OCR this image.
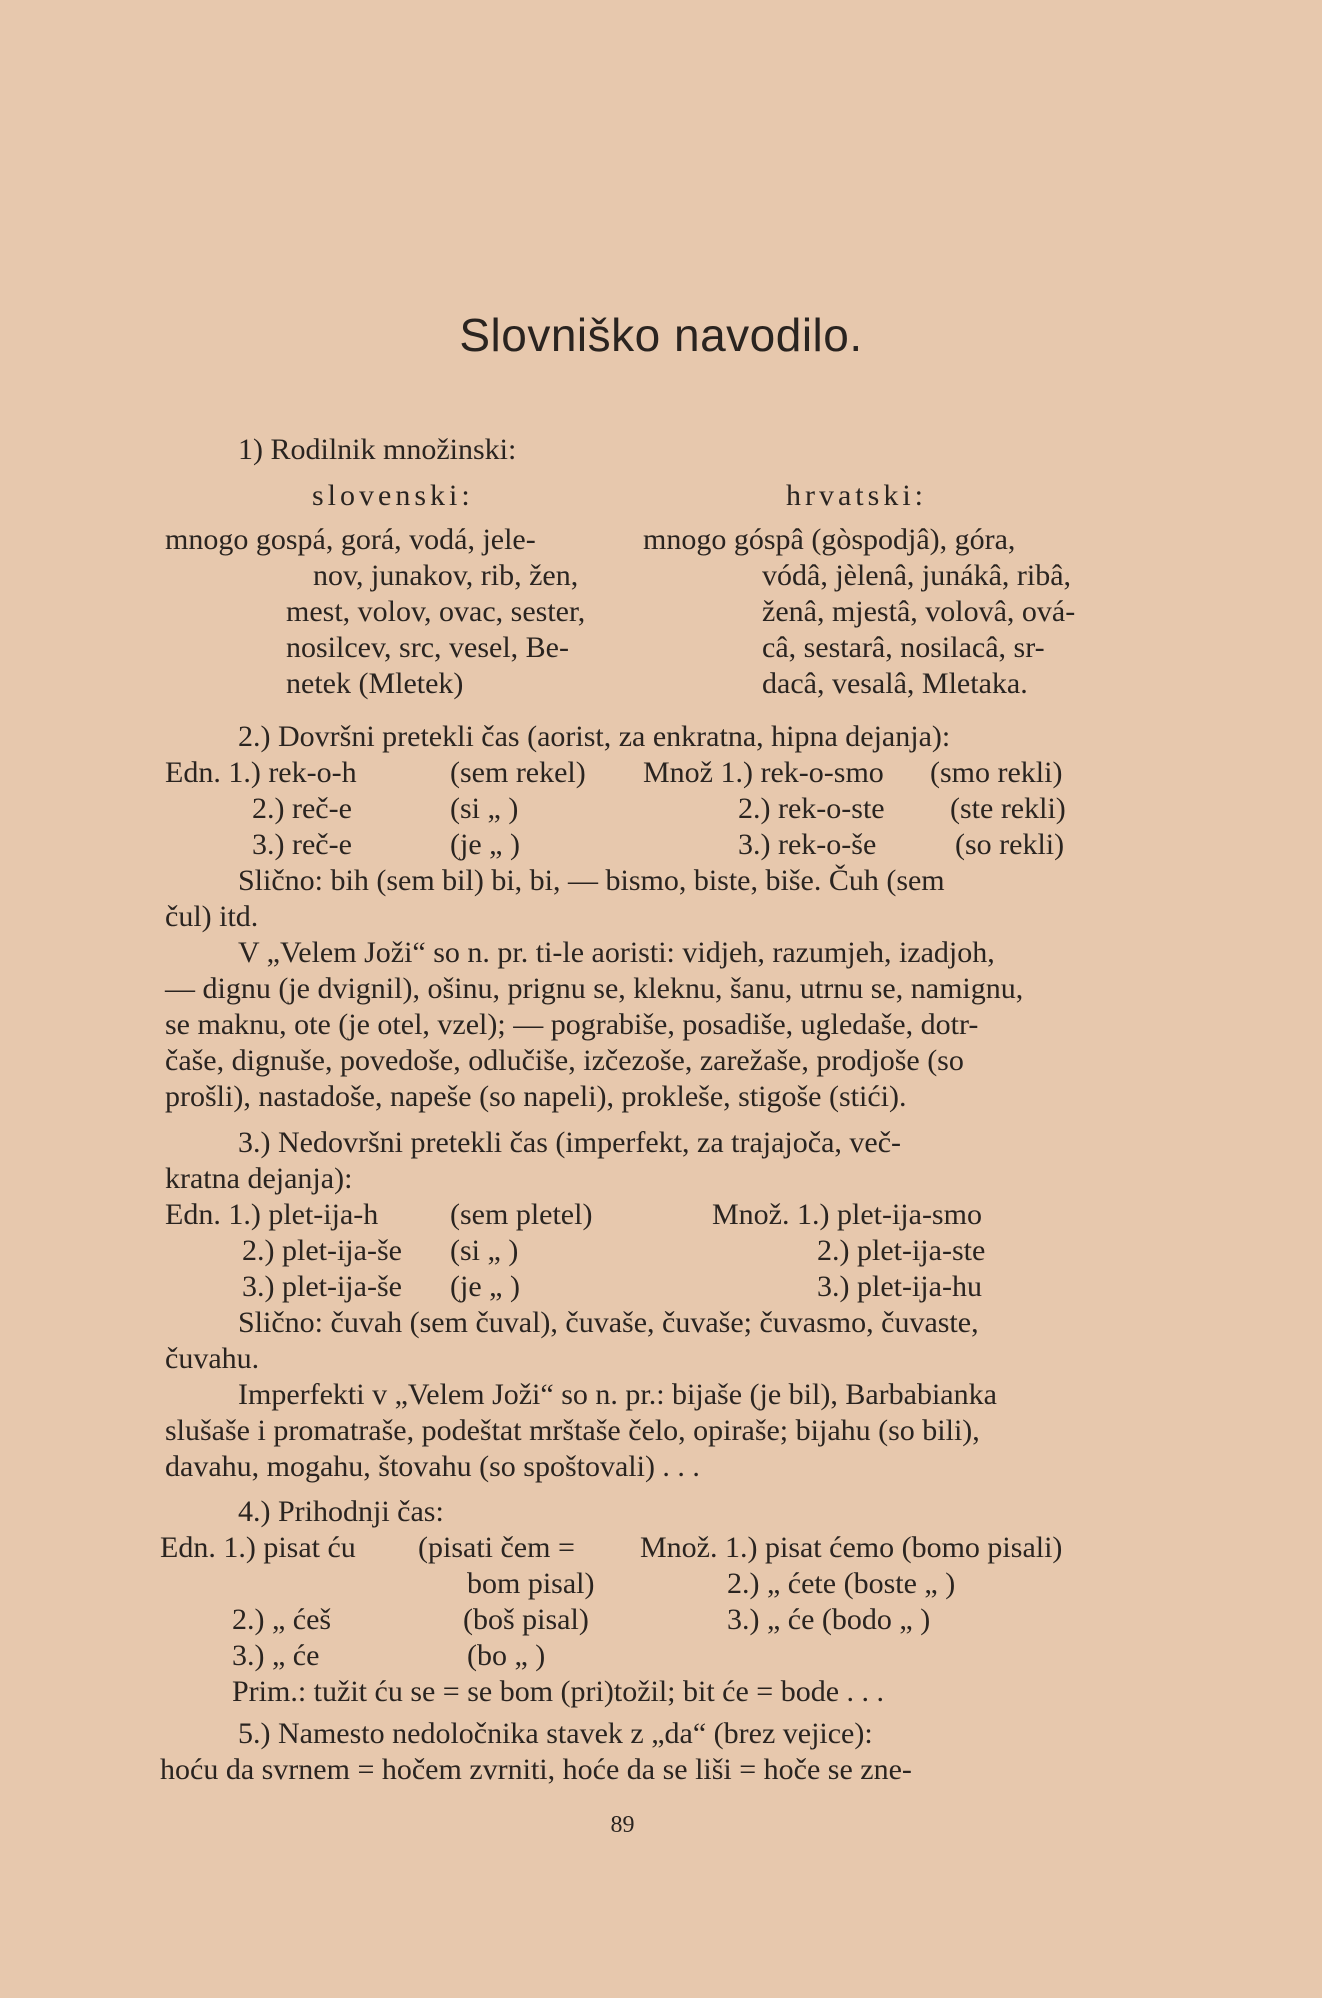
Slovniško navodilo.
1) Rodilnik množinski:
slovenski:	hrvatski:
mnogo gospá, gorá, vodá, jele-
nov, junakov, rib, žen,
mest, volov, ovac, sester,
nosilcev, src, vesel, Be-
netek (Mletek)
mnogo góspâ (gòspodjâ), góra,
vódâ, jèlenâ, junákâ, ribâ,
ženâ, mjestâ, volovâ, ová-
câ, sestarâ, nosilacâ, sr-
dacâ, vesalâ, Mletaka.
2.) Dovršni pretekli čas (aorist, za enkratna, hipna dejanja):
Edn. 1.) rek-o-h	(sem rekel) Množ 1.) rek-o-smo (smo rekli)
2.) reč-e	(si „ )	2.) rek-o-ste (ste rekli)
3.) reč-e	(je „ )	3.) rek-o-še	(so rekli)
Slično: bih (sem bil) bi, bi, — bismo, biste, biše. Čuh (sem
čul) itd.
V „Velem Joži“ so n. pr. ti-le aoristi: vidjeh, razumjeh, izadjoh,
— dignu (je dvignil), ošinu, prignu se, kleknu, šanu, utrnu se, namignu,
se maknu, ote (je otel, vzel); — pograbiše, posadiše, ugledaše, dotr-
čaše, dignuše, povedoše, odlučiše, izčezoše, zarežaše, prodjoše (so
prošli), nastadoše, napeše (so napeli), prokleše, stigoše (stići).
3.) Nedovršni pretekli čas (imperfekt, za trajajoča, več-
kratna dejanja):
Edn. 1.) plet-ija-h (sem pletel)	Množ. 1.) plet-ija-smo
2.) plet-ija-še (si „ )	2.) plet-ija-ste
3.) plet-ija-še (je „ )	3.) plet-ija-hu
Slično: čuvah (sem čuval), čuvaše, čuvaše; čuvasmo, čuvaste,
čuvahu.
Imperfekti v „Velem Joži“ so n. pr.: bijaše (je bil), Barbabianka
slušaše i promatraše, podeštat mrštaše čelo, opiraše; bijahu (so bili),
davahu, mogahu, štovahu (so spoštovali) . . .
4.) Prihodnji čas:
Edn. 1.) pisat ću (pisati čem = Množ. 1.) pisat ćemo (bomo pisali)
bom pisal)	2.) „ ćete (boste „ )
2.) „ ćeš	(boš pisal)	3.) „ će (bodo „ )
3.) „ će	(bo „ )
Prim.: tužit ću se = se bom (pri)tožil; bit će = bode . . .
5.) Namesto nedoločnika stavek z „da“ (brez vejice):
hoću da svrnem = hočem zvrniti, hoće da se liši = hoče se zne-
89
